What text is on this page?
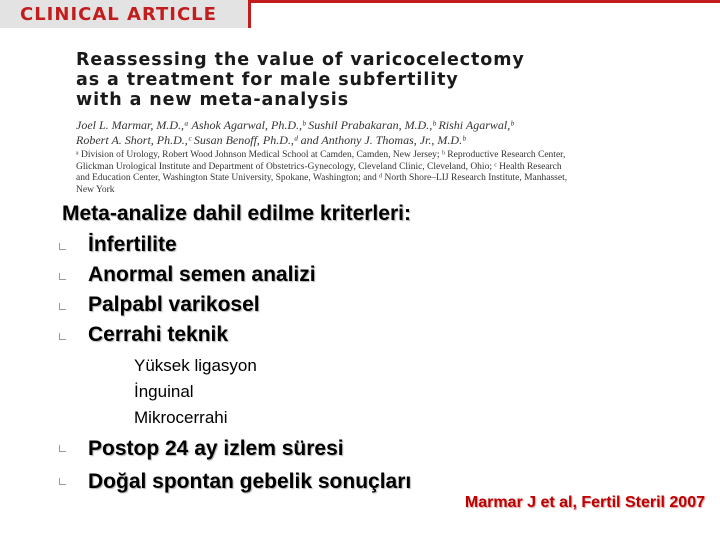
CLINICAL ARTICLE
Reassessing the value of varicocelectomy
as a treatment for male subfertility
with a new meta-analysis
Joel L. Marmar, M.D.,ᵃ Ashok Agarwal, Ph.D.,ᵇ Sushil Prabakaran, M.D.,ᵇ Rishi Agarwal,ᵇ
Robert A. Short, Ph.D.,ᶜ Susan Benoff, Ph.D.,ᵈ and Anthony J. Thomas, Jr., M.D.ᵇ
ᵃ Division of Urology, Robert Wood Johnson Medical School at Camden, Camden, New Jersey; ᵇ Reproductive Research Center,
Glickman Urological Institute and Department of Obstetrics-Gynecology, Cleveland Clinic, Cleveland, Ohio; ᶜ Health Research
and Education Center, Washington State University, Spokane, Washington; and ᵈ North Shore–LIJ Research Institute, Manhasset,
New York
Meta-analize dahil edilme kriterleri:
İnfertilite
Anormal semen analizi
Palpabl varikosel
Cerrahi teknik
Yüksek ligasyon
İnguinal
Mikrocerrahi
Postop 24 ay izlem süresi
Doğal spontan gebelik sonuçları
Marmar J et al, Fertil Steril 2007
